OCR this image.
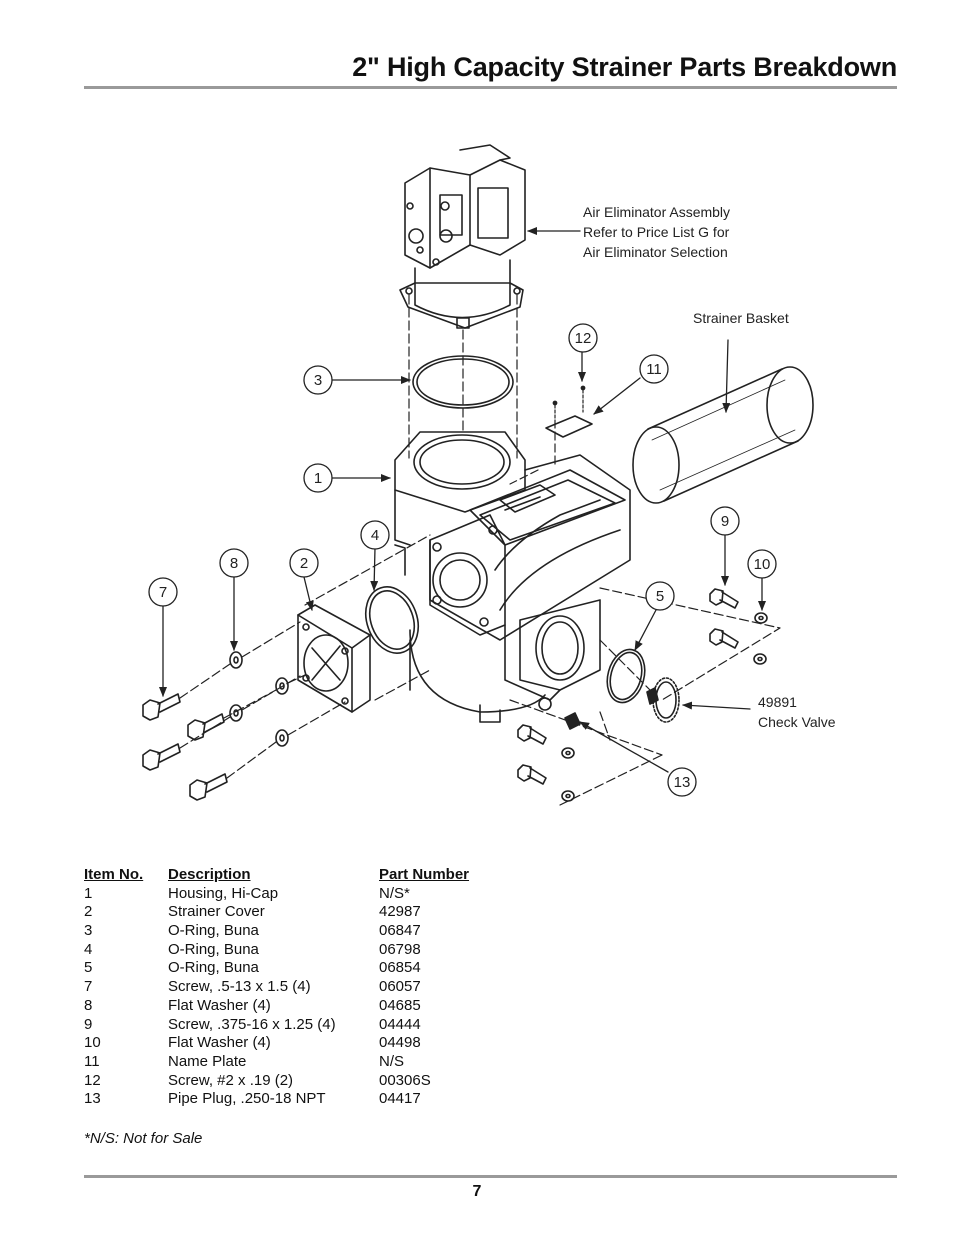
2" High Capacity Strainer Parts Breakdown
1
2
3
4
5
7
8
9
10
11
12
13
Air Eliminator Assembly
Refer to Price List G for
Air Eliminator Selection
Strainer Basket
49891
Check Valve
Item No.	Description	Part Number
1	Housing, Hi-Cap	N/S*
2	Strainer Cover	42987
3	O-Ring, Buna	06847
4	O-Ring, Buna	06798
5	O-Ring, Buna	06854
7	Screw, .5-13 x 1.5 (4)	06057
8	Flat Washer (4)	04685
9	Screw, .375-16 x 1.25 (4)	04444
10	Flat Washer (4)	04498
11	Name Plate	N/S
12	Screw, #2 x .19 (2)	00306S
13	Pipe Plug, .250-18 NPT	04417
*N/S: Not for Sale
7
